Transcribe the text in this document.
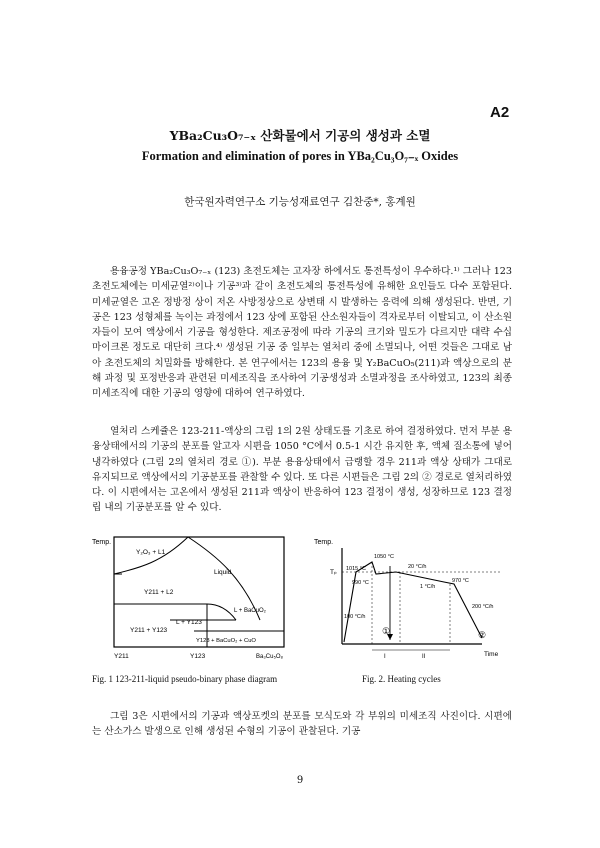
A2
YBa₂Cu₃O₇₋ₓ 산화물에서 기공의 생성과 소멸
Formation and elimination of pores in YBa₂Cu₃O₇₋ₓ Oxides
한국원자력연구소 기능성재료연구 김찬중*, 홍계원

용융공정 YBa₂Cu₃O₇₋ₓ (123) 초전도체는 고자장 하에서도 통전특성이 우수하다.¹⁾ 그러나 123 초전도체에는 미세균열²⁾이나 기공³⁾과 같이 초전도체의 통전특성에 유해한 요인들도 다수 포함된다. 미세균열은 고온 정방정 상이 저온 사방정상으로 상변태 시 발생하는 응력에 의해 생성된다. 반면, 기공은 123 성형체를 녹이는 과정에서 123 상에 포함된 산소원자들이 격자로부터 이탈되고, 이 산소원자들이 모여 액상에서 기공을 형성한다. 제조공정에 따라 기공의 크기와 밀도가 다르지만 대략 수십 마이크론 정도로 대단히 크다.⁴⁾ 생성된 기공 중 일부는 열처리 중에 소멸되나, 어떤 것들은 그대로 남아 초전도체의 치밀화를 방해한다. 본 연구에서는 123의 용융 및 Y₂BaCuO₅(211)과 액상으로의 분해 과정 및 포정반응과 관련된 미세조직을 조사하여 기공생성과 소멸과정을 조사하였고, 123의 최종 미세조직에 대한 기공의 영향에 대하여 연구하였다.

열처리 스케쥴은 123-211-액상의 그림 1의 2원 상태도를 기초로 하여 결정하였다. 먼저 부분 용융상태에서의 기공의 분포를 알고자 시편을 1050 °C에서 0.5-1 시간 유지한 후, 액체 질소통에 넣어 냉각하였다 (그림 2의 열처리 경로 ①). 부분 용융상태에서 급랭할 경우 211과 액상 상태가 그대로 유지되므로 액상에서의 기공분포를 관찰할 수 있다. 또 다른 시편들은 그림 2의 ② 경로로 열처리하였다. 이 시편에서는 고온에서 생성된 211과 액상이 반응하여 123 결정이 생성, 성장하므로 123 결정립 내의 기공분포를 알 수 있다.

Temp.
Y₂O₃ + L1
Liquid
Y211 + L2
L + BaCuO₂
L + Y123
Y211 + Y123
Y123 + BaCuO₂ + CuO
Y211	Y123	Ba₃Cu₅O₈
Fig. 1 123-211-liquid pseudo-binary phase diagram
Temp.
Tₚ
1050 °C
1015 °C
990 °C	970 °C
100 °C/h
20 °C/h
1 °C/h
200 °C/h
①	②
I	II	Time
Fig. 2. Heating cycles

그림 3은 시편에서의 기공과 액상포켓의 분포를 모식도와 각 부위의 미세조직 사진이다. 시편에는 산소가스 발생으로 인해 생성된 수형의 기공이 관찰된다. 기공

9
